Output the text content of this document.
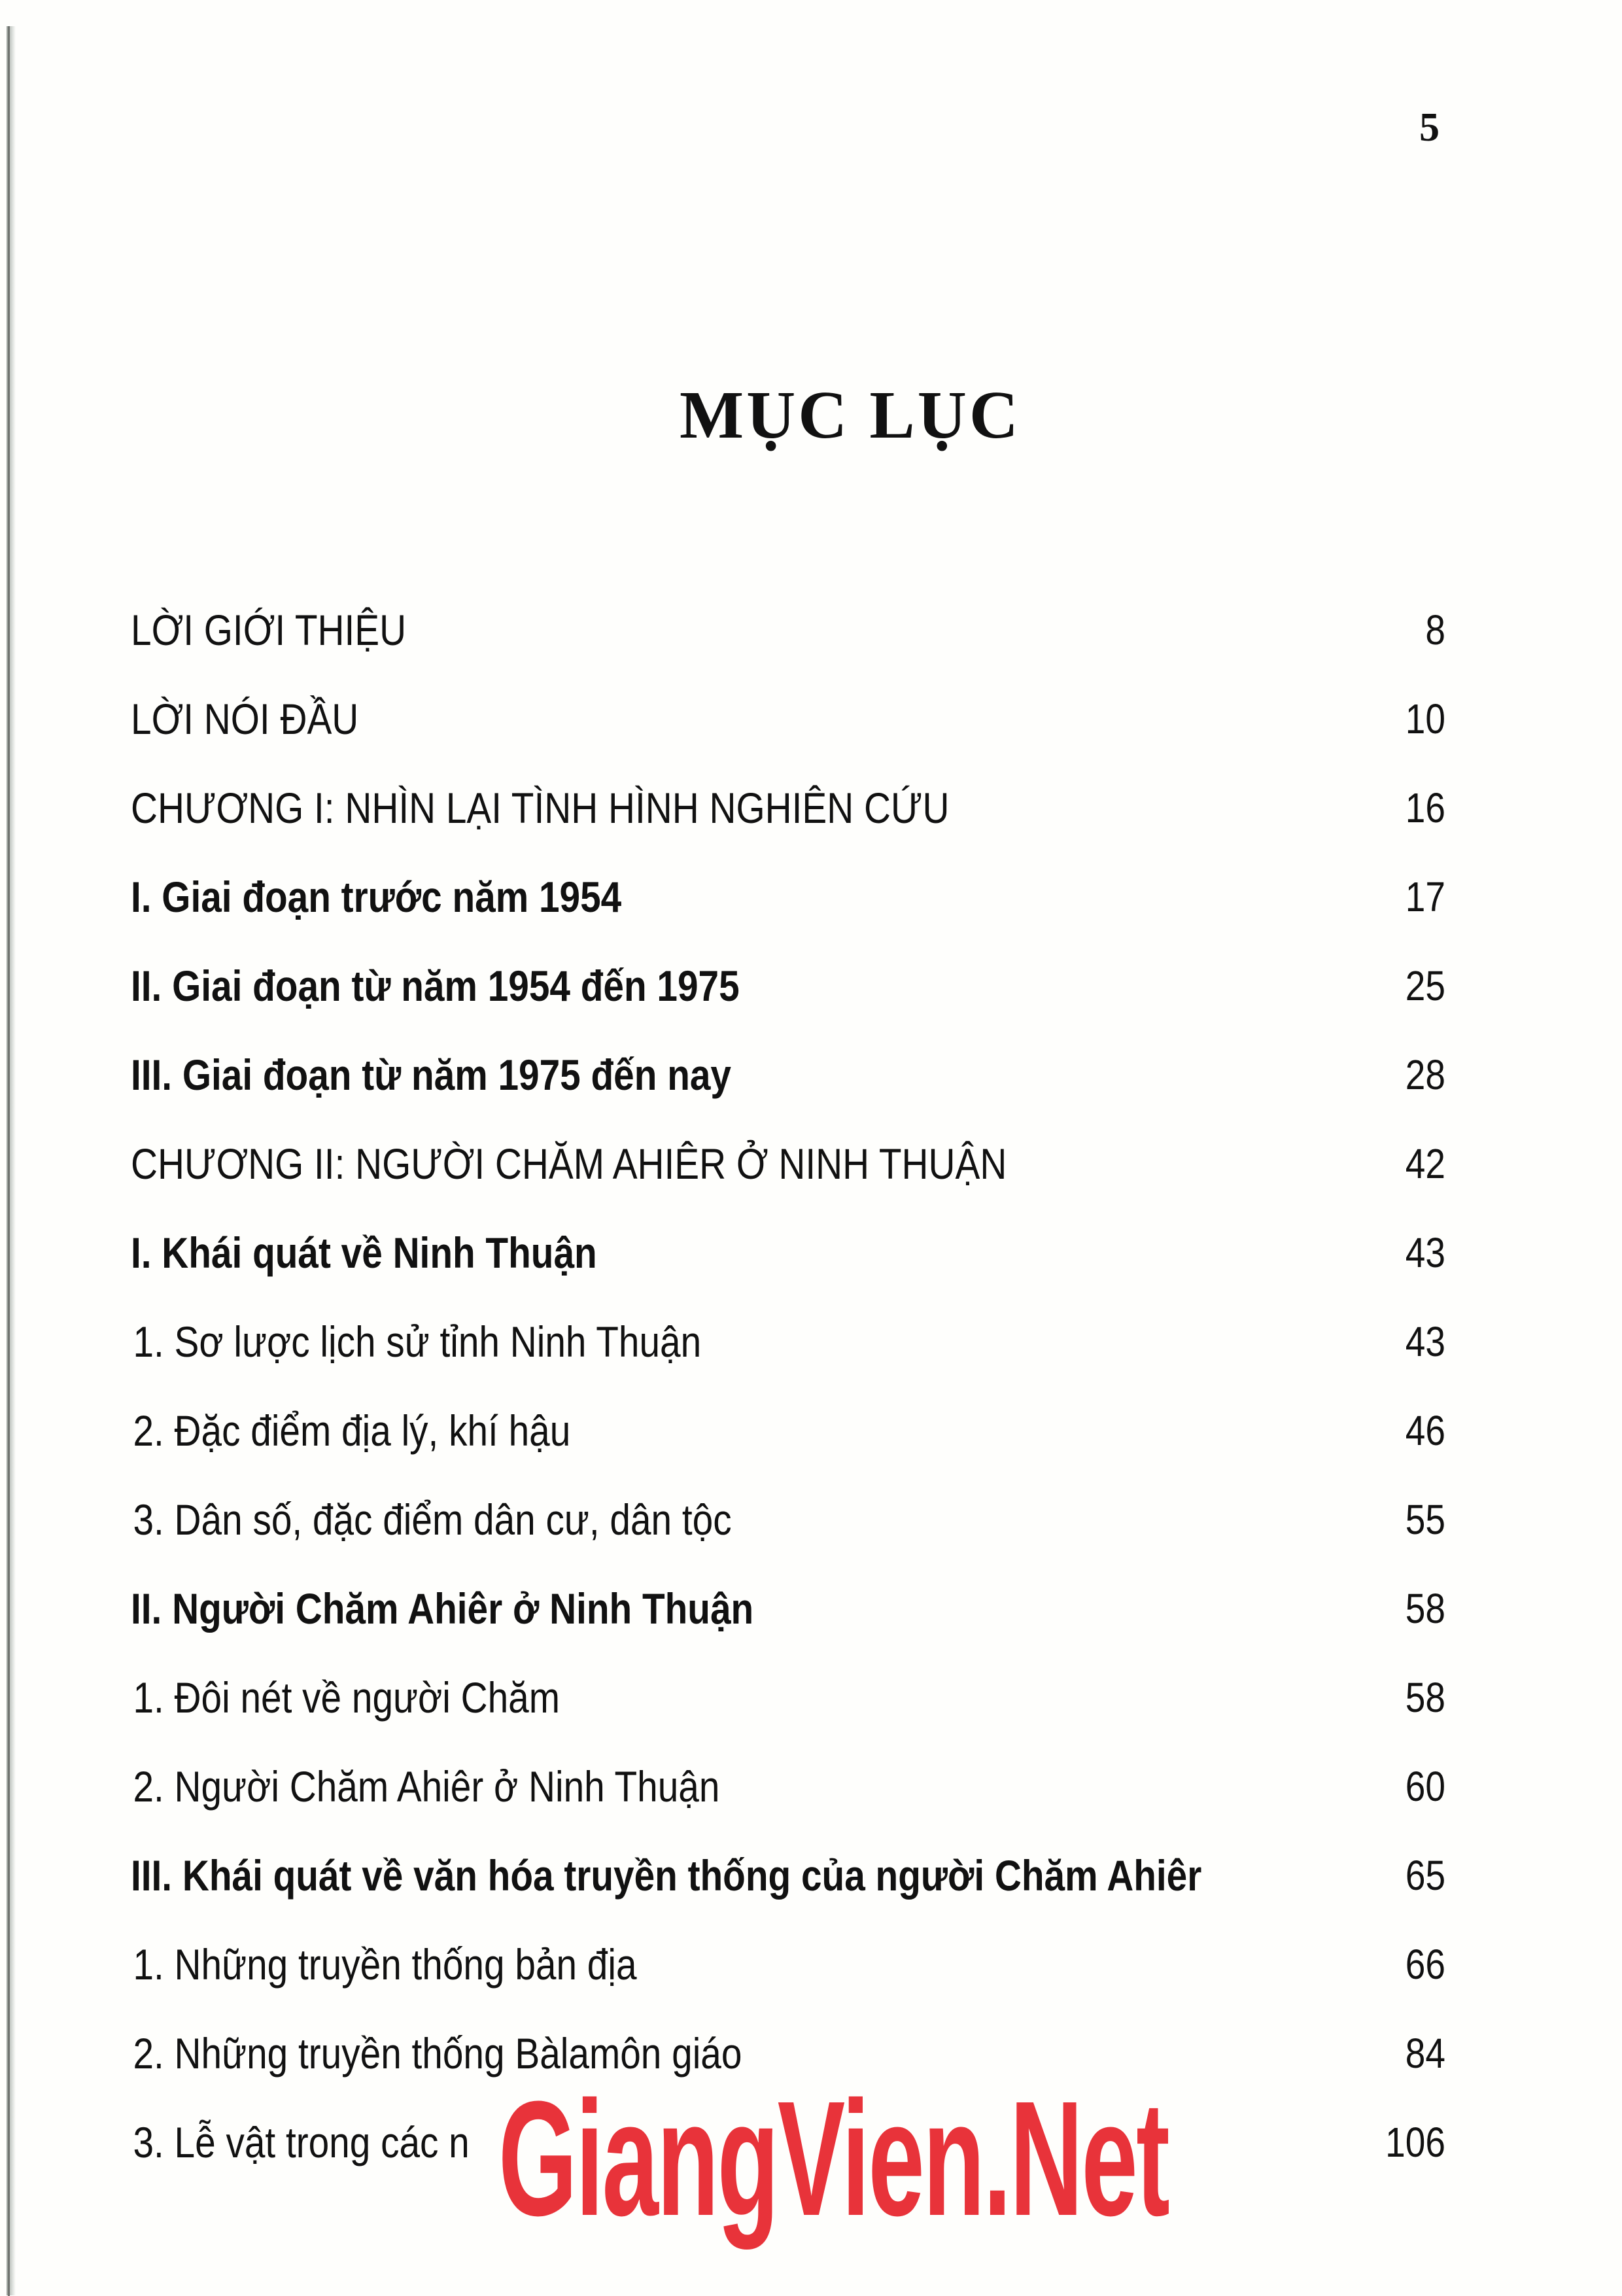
5
MỤC LỤC
LỜI GIỚI THIỆU	8
LỜI NÓI ĐẦU	10
CHƯƠNG I: NHÌN LẠI TÌNH HÌNH NGHIÊN CỨU	16
I. Giai đoạn trước năm 1954	17
II. Giai đoạn từ năm 1954 đến 1975	25
III. Giai đoạn từ năm 1975 đến nay	28
CHƯƠNG II: NGƯỜI CHĂM AHIÊR Ở NINH THUẬN	42
I. Khái quát về Ninh Thuận	43
1. Sơ lược lịch sử tỉnh Ninh Thuận	43
2. Đặc điểm địa lý, khí hậu	46
3. Dân số, đặc điểm dân cư, dân tộc	55
II. Người Chăm Ahiêr ở Ninh Thuận	58
1. Đôi nét về người Chăm	58
2. Người Chăm Ahiêr ở Ninh Thuận	60
III. Khái quát về văn hóa truyền thống của người Chăm Ahiêr	65
1. Những truyền thống bản địa	66
2. Những truyền thống Bàlamôn giáo	84
3. Lễ vật trong các n	106
GiangVien.Net
